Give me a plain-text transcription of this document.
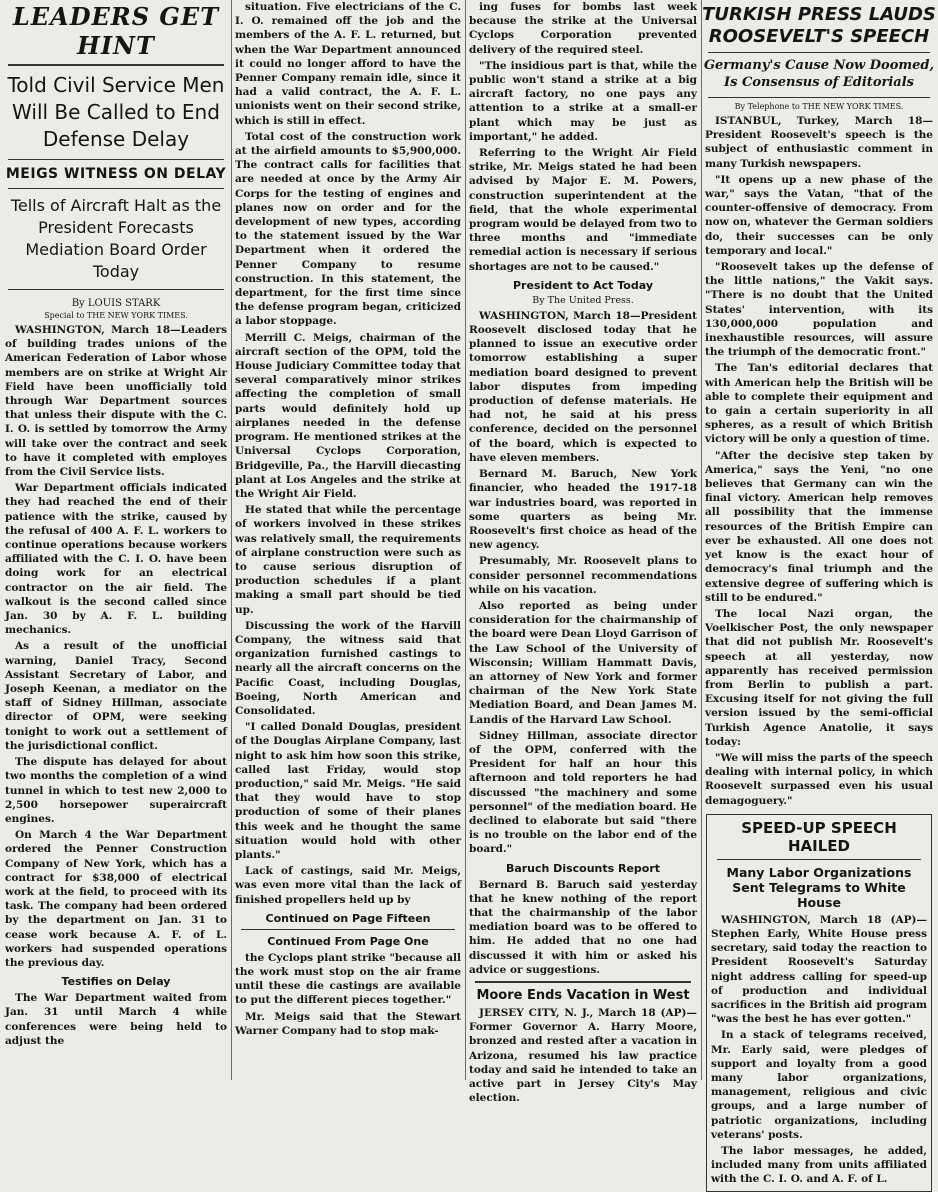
LEADERS GET HINT
Told Civil Service Men Will Be Called to End Defense Delay
MEIGS WITNESS ON DELAY
Tells of Aircraft Halt as the President Forecasts Mediation Board Order Today
By LOUIS STARK
Special to THE NEW YORK TIMES.

WASHINGTON, March 18—Leaders of building trades unions of the American Federation of Labor whose members are on strike at Wright Air Field have been unofficially told through War Department sources that unless their dispute with the C. I. O. is settled by tomorrow the Army will take over the contract and seek to have it completed with employes from the Civil Service lists.

War Department officials indicated they had reached the end of their patience with the strike, caused by the refusal of 400 A. F. L. workers to continue operations because workers affiliated with the C. I. O. have been doing work for an electrical contractor on the air field. The walkout is the second called since Jan. 30 by A. F. L. building mechanics.

As a result of the unofficial warning, Daniel Tracy, Second Assistant Secretary of Labor, and Joseph Keenan, a mediator on the staff of Sidney Hillman, associate director of OPM, were seeking tonight to work out a settlement of the jurisdictional conflict.

The dispute has delayed for about two months the completion of a wind tunnel in which to test new 2,000 to 2,500 horsepower superaircraft engines.

On March 4 the War Department ordered the Penner Construction Company of New York, which has a contract for $38,000 of electrical work at the field, to proceed with its task. The company had been ordered by the department on Jan. 31 to cease work because A. F. of L. workers had suspended operations the previous day.

Testifies on Delay

The War Department waited from Jan. 31 until March 4 while conferences were being held to adjust the

situation. Five electricians of the C. I. O. remained off the job and the members of the A. F. L. returned, but when the War Department announced it could no longer afford to have the Penner Company remain idle, since it had a valid contract, the A. F. L. unionists went on their second strike, which is still in effect.

Total cost of the construction work at the airfield amounts to $5,900,000. The contract calls for facilities that are needed at once by the Army Air Corps for the testing of engines and planes now on order and for the development of new types, according to the statement issued by the War Department when it ordered the Penner Company to resume construction. In this statement, the department, for the first time since the defense program began, criticized a labor stoppage.

Merrill C. Meigs, chairman of the aircraft section of the OPM, told the House Judiciary Committee today that several comparatively minor strikes affecting the completion of small parts would definitely hold up airplanes needed in the defense program. He mentioned strikes at the Universal Cyclops Corporation, Bridgeville, Pa., the Harvill diecasting plant at Los Angeles and the strike at the Wright Air Field.

He stated that while the percentage of workers involved in these strikes was relatively small, the requirements of airplane construction were such as to cause serious disruption of production schedules if a plant making a small part should be tied up.

Discussing the work of the Harvill Company, the witness said that organization furnished castings to nearly all the aircraft concerns on the Pacific Coast, including Douglas, Boeing, North American and Consolidated.

"I called Donald Douglas, president of the Douglas Airplane Company, last night to ask him how soon this strike, called last Friday, would stop production," said Mr. Meigs. "He said that they would have to stop production of some of their planes this week and he thought the same situation would hold with other plants."

Lack of castings, said Mr. Meigs, was even more vital than the lack of finished propellers held up by

Continued on Page Fifteen
Continued From Page One

the Cyclops plant strike "because all the work must stop on the air frame until these die castings are available to put the different pieces together."

Mr. Meigs said that the Stewart Warner Company had to stop mak-

ing fuses for bombs last week because the strike at the Universal Cyclops Corporation prevented delivery of the required steel.

"The insidious part is that, while the public won't stand a strike at a big aircraft factory, no one pays any attention to a strike at a small-er plant which may be just as important," he added.

Referring to the Wright Air Field strike, Mr. Meigs stated he had been advised by Major E. M. Powers, construction superintendent at the field, that the whole experimental program would be delayed from two to three months and "immediate remedial action is necessary if serious shortages are not to be caused."

President to Act Today
By The United Press.

WASHINGTON, March 18—President Roosevelt disclosed today that he planned to issue an executive order tomorrow establishing a super mediation board designed to prevent labor disputes from impeding production of defense materials. He had not, he said at his press conference, decided on the personnel of the board, which is expected to have eleven members.

Bernard M. Baruch, New York financier, who headed the 1917-18 war industries board, was reported in some quarters as being Mr. Roosevelt's first choice as head of the new agency.

Presumably, Mr. Roosevelt plans to consider personnel recommendations while on his vacation.

Also reported as being under consideration for the chairmanship of the board were Dean Lloyd Garrison of the Law School of the University of Wisconsin; William Hammatt Davis, an attorney of New York and former chairman of the New York State Mediation Board, and Dean James M. Landis of the Harvard Law School.

Sidney Hillman, associate director of the OPM, conferred with the President for half an hour this afternoon and told reporters he had discussed "the machinery and some personnel" of the mediation board. He declined to elaborate but said "there is no trouble on the labor end of the board."

Baruch Discounts Report

Bernard B. Baruch said yesterday that he knew nothing of the report that the chairmanship of the labor mediation board was to be offered to him. He added that no one had discussed it with him or asked his advice or suggestions.

Moore Ends Vacation in West

JERSEY CITY, N. J., March 18 (AP)—Former Governor A. Harry Moore, bronzed and rested after a vacation in Arizona, resumed his law practice today and said he intended to take an active part in Jersey City's May election.

TURKISH PRESS LAUDS ROOSEVELT'S SPEECH
Germany's Cause Now Doomed, Is Consensus of Editorials
By Telephone to THE NEW YORK TIMES.

ISTANBUL, Turkey, March 18—President Roosevelt's speech is the subject of enthusiastic comment in many Turkish newspapers.

"It opens up a new phase of the war," says the Vatan, "that of the counter-offensive of democracy. From now on, whatever the German soldiers do, their successes can be only temporary and local."

"Roosevelt takes up the defense of the little nations," the Vakit says. "There is no doubt that the United States' intervention, with its 130,000,000 population and inexhaustible resources, will assure the triumph of the democratic front."

The Tan's editorial declares that with American help the British will be able to complete their equipment and to gain a certain superiority in all spheres, as a result of which British victory will be only a question of time.

"After the decisive step taken by America," says the Yeni, "no one believes that Germany can win the final victory. American help removes all possibility that the immense resources of the British Empire can ever be exhausted. All one does not yet know is the exact hour of democracy's final triumph and the extensive degree of suffering which is still to be endured."

The local Nazi organ, the Voelkischer Post, the only newspaper that did not publish Mr. Roosevelt's speech at all yesterday, now apparently has received permission from Berlin to publish a part. Excusing itself for not giving the full version issued by the semi-official Turkish Agence Anatolie, it says today:

"We will miss the parts of the speech dealing with internal policy, in which Roosevelt surpassed even his usual demagoguery."

SPEED-UP SPEECH HAILED
Many Labor Organizations Sent Telegrams to White House

WASHINGTON, March 18 (AP)—Stephen Early, White House press secretary, said today the reaction to President Roosevelt's Saturday night address calling for speed-up of production and individual sacrifices in the British aid program "was the best he has ever gotten."

In a stack of telegrams received, Mr. Early said, were pledges of support and loyalty from a good many labor organizations, management, religious and civic groups, and a large number of patriotic organizations, including veterans' posts.

The labor messages, he added, included many from units affiliated with the C. I. O. and A. F. of L.
